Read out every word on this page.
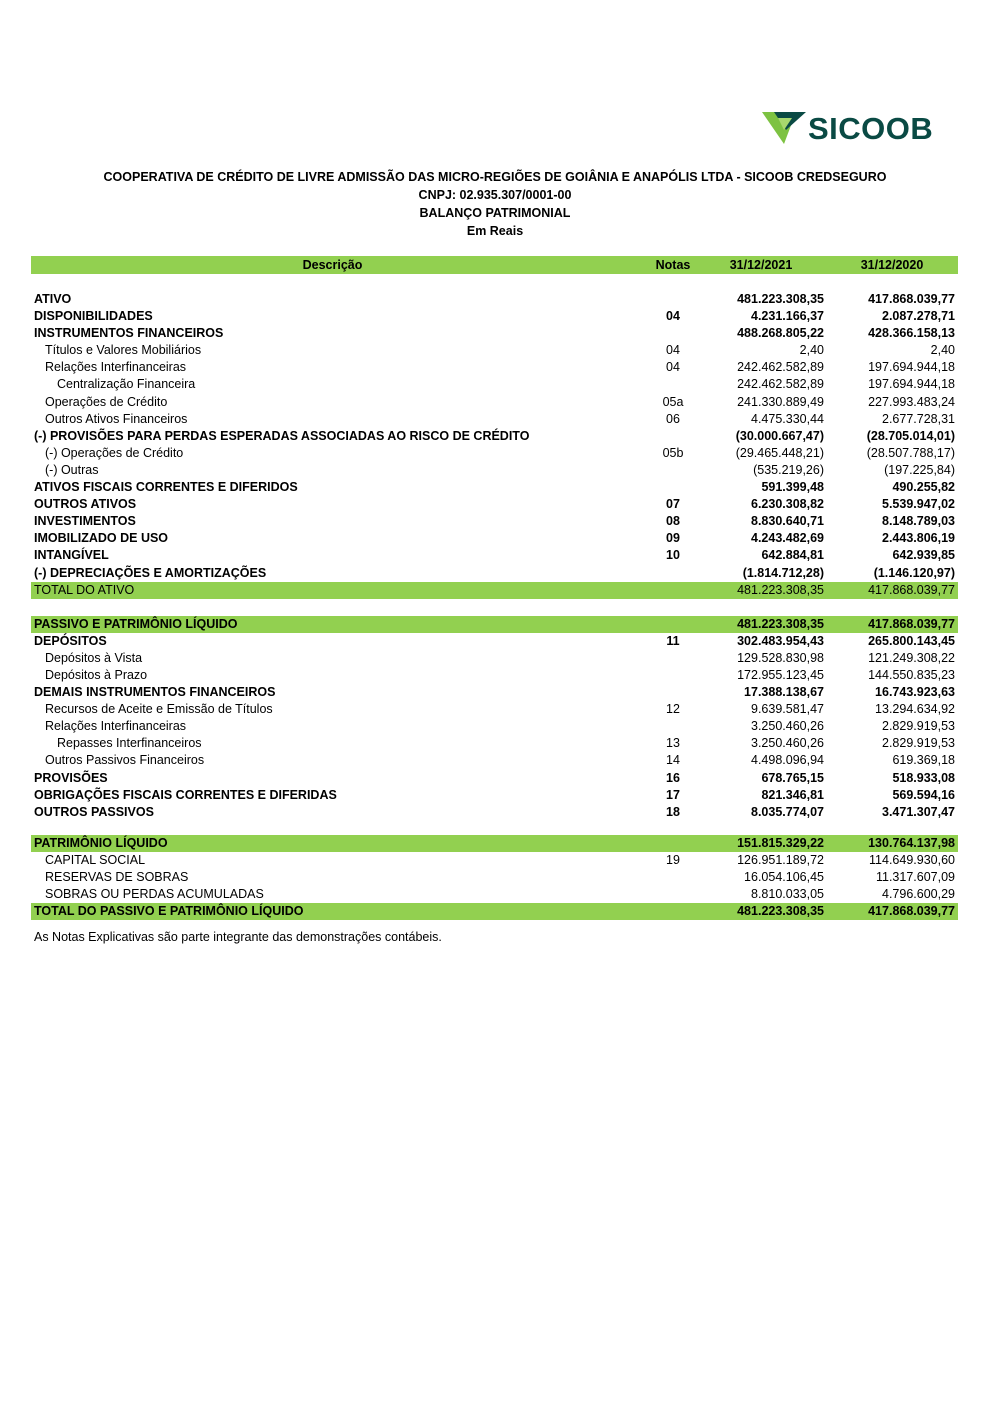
SICOOB
COOPERATIVA DE CRÉDITO DE LIVRE ADMISSÃO DAS MICRO-REGIÕES DE GOIÂNIA E ANAPÓLIS LTDA - SICOOB CREDSEGURO
CNPJ: 02.935.307/0001-00
BALANÇO PATRIMONIAL
Em Reais
Descrição	Notas	31/12/2021	31/12/2020
ATIVO	481.223.308,35	417.868.039,77
DISPONIBILIDADES	04	4.231.166,37	2.087.278,71
INSTRUMENTOS FINANCEIROS	488.268.805,22	428.366.158,13
Títulos e Valores Mobiliários	04	2,40	2,40
Relações Interfinanceiras	04	242.462.582,89	197.694.944,18
Centralização Financeira	242.462.582,89	197.694.944,18
Operações de Crédito	05a	241.330.889,49	227.993.483,24
Outros Ativos Financeiros	06	4.475.330,44	2.677.728,31
(-) PROVISÕES PARA PERDAS ESPERADAS ASSOCIADAS AO RISCO DE CRÉDITO	(30.000.667,47)	(28.705.014,01)
(-) Operações de Crédito	05b	(29.465.448,21)	(28.507.788,17)
(-) Outras	(535.219,26)	(197.225,84)
ATIVOS FISCAIS CORRENTES E DIFERIDOS	591.399,48	490.255,82
OUTROS ATIVOS	07	6.230.308,82	5.539.947,02
INVESTIMENTOS	08	8.830.640,71	8.148.789,03
IMOBILIZADO DE USO	09	4.243.482,69	2.443.806,19
INTANGÍVEL	10	642.884,81	642.939,85
(-) DEPRECIAÇÕES E AMORTIZAÇÕES	(1.814.712,28)	(1.146.120,97)
TOTAL DO ATIVO	481.223.308,35	417.868.039,77
PASSIVO E PATRIMÔNIO LÍQUIDO	481.223.308,35	417.868.039,77
DEPÓSITOS	11	302.483.954,43	265.800.143,45
Depósitos à Vista	129.528.830,98	121.249.308,22
Depósitos à Prazo	172.955.123,45	144.550.835,23
DEMAIS INSTRUMENTOS FINANCEIROS	17.388.138,67	16.743.923,63
Recursos de Aceite e Emissão de Títulos	12	9.639.581,47	13.294.634,92
Relações Interfinanceiras	3.250.460,26	2.829.919,53
Repasses Interfinanceiros	13	3.250.460,26	2.829.919,53
Outros Passivos Financeiros	14	4.498.096,94	619.369,18
PROVISÕES	16	678.765,15	518.933,08
OBRIGAÇÕES FISCAIS CORRENTES E DIFERIDAS	17	821.346,81	569.594,16
OUTROS PASSIVOS	18	8.035.774,07	3.471.307,47
PATRIMÔNIO LÍQUIDO	151.815.329,22	130.764.137,98
CAPITAL SOCIAL	19	126.951.189,72	114.649.930,60
RESERVAS DE SOBRAS	16.054.106,45	11.317.607,09
SOBRAS OU PERDAS ACUMULADAS	8.810.033,05	4.796.600,29
TOTAL DO PASSIVO E PATRIMÔNIO LÍQUIDO	481.223.308,35	417.868.039,77
As Notas Explicativas são parte integrante das demonstrações contábeis.
